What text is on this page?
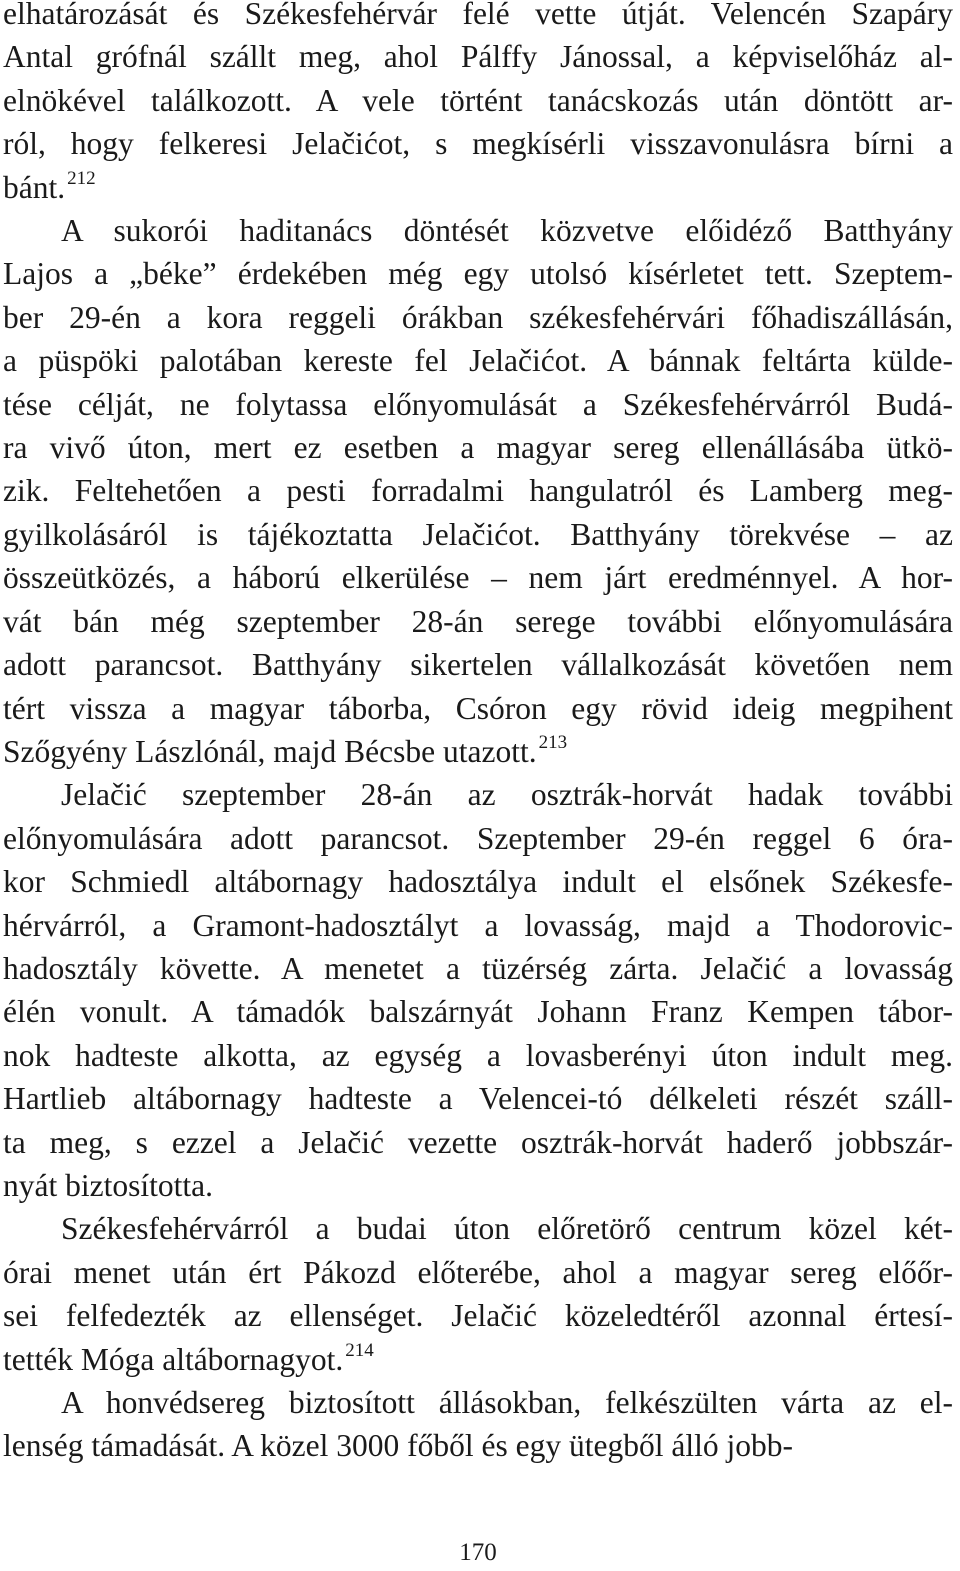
elhatározását és Székesfehérvár felé vette útját. Velencén Szapáry
Antal grófnál szállt meg, ahol Pálffy Jánossal, a képviselőház al-
elnökével találkozott. A vele történt tanácskozás után döntött ar-
ról, hogy felkeresi Jelačićot, s megkísérli visszavonulásra bírni a
bánt. $^{212}$
A sukorói haditanács döntését közvetve előidéző Batthyány
Lajos a „béke” érdekében még egy utolsó kísérletet tett. Szeptem-
ber 29-én a kora reggeli órákban székesfehérvári főhadiszállásán,
a püspöki palotában kereste fel Jelačićot. A bánnak feltárta külde-
tése célját, ne folytassa előnyomulását a Székesfehérvárról Budá-
ra vivő úton, mert ez esetben a magyar sereg ellenállásába ütkö-
zik. Feltehetően a pesti forradalmi hangulatról és Lamberg meg-
gyilkolásáról is tájékoztatta Jelačićot. Batthyány törekvése – az
összeütközés, a háború elkerülése – nem járt eredménnyel. A hor-
vát bán még szeptember 28-án serege további előnyomulására
adott parancsot. Batthyány sikertelen vállalkozását követően nem
tért vissza a magyar táborba, Csóron egy rövid ideig megpihent
Szőgyény Lászlónál, majd Bécsbe utazott. $^{213}$
Jelačić szeptember 28-án az osztrák-horvát hadak további
előnyomulására adott parancsot. Szeptember 29-én reggel 6 óra-
kor Schmiedl altábornagy hadosztálya indult el elsőnek Székesfe-
hérvárról, a Gramont-hadosztályt a lovasság, majd a Thodorovic-
hadosztály követte. A menetet a tüzérség zárta. Jelačić a lovasság
élén vonult. A támadók balszárnyát Johann Franz Kempen tábor-
nok hadteste alkotta, az egység a lovasberényi úton indult meg.
Hartlieb altábornagy hadteste a Velencei-tó délkeleti részét száll-
ta meg, s ezzel a Jelačić vezette osztrák-horvát haderő jobbszár-
nyát biztosította.
Székesfehérvárról a budai úton előretörő centrum közel két-
órai menet után ért Pákozd előterébe, ahol a magyar sereg előőr-
sei felfedezték az ellenséget. Jelačić közeledtéről azonnal értesí-
tették Móga altábornagyot. $^{214}$
A honvédsereg biztosított állásokban, felkészülten várta az el-
lenség támadását. A közel 3000 főből és egy ütegből álló jobb-
170
